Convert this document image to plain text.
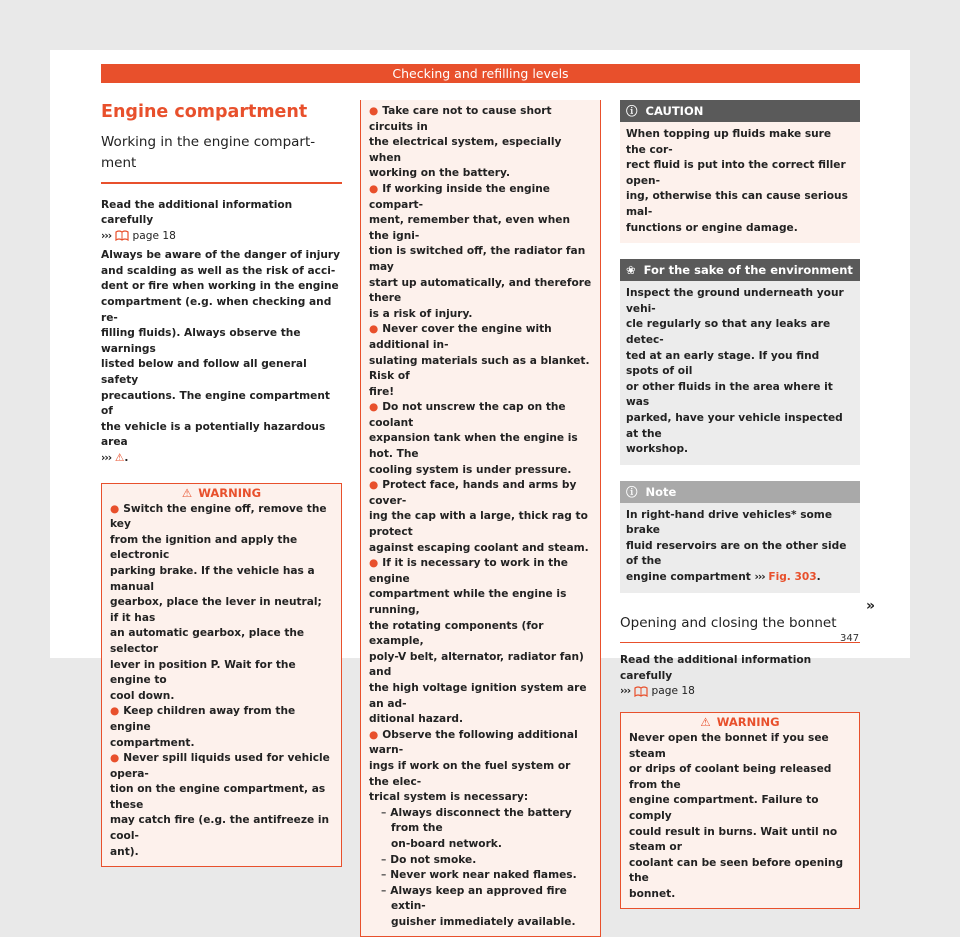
Checking and refilling levels
Engine compartment
Working in the engine compart-
ment

Read the additional information carefully

››› page 18

Always be aware of the danger of injury

and scalding as well as the risk of acci-

dent or fire when working in the engine

compartment (e.g. when checking and re-

filling fluids). Always observe the warnings

listed below and follow all general safety

precautions. The engine compartment of

the vehicle is a potentially hazardous area

››› ⚠.

⚠ WARNING
● Switch the engine off, remove the key
from the ignition and apply the electronic
parking brake. If the vehicle has a manual
gearbox, place the lever in neutral; if it has
an automatic gearbox, place the selector
lever in position P. Wait for the engine to
cool down.
● Keep children away from the engine
compartment.
● Never spill liquids used for vehicle opera-
tion on the engine compartment, as these
may catch fire (e.g. the antifreeze in cool-
ant).
● Take care not to cause short circuits in
the electrical system, especially when
working on the battery.
● If working inside the engine compart-
ment, remember that, even when the igni-
tion is switched off, the radiator fan may
start up automatically, and therefore there
is a risk of injury.
● Never cover the engine with additional in-
sulating materials such as a blanket. Risk of
fire!
● Do not unscrew the cap on the coolant
expansion tank when the engine is hot. The
cooling system is under pressure.
● Protect face, hands and arms by cover-
ing the cap with a large, thick rag to protect
against escaping coolant and steam.
● If it is necessary to work in the engine
compartment while the engine is running,
the rotating components (for example,
poly-V belt, alternator, radiator fan) and
the high voltage ignition system are an ad-
ditional hazard.
● Observe the following additional warn-
ings if work on the fuel system or the elec-
trical system is necessary:
– Always disconnect the battery from the
on-board network.
– Do not smoke.
– Never work near naked flames.
– Always keep an approved fire extin-
guisher immediately available.
ⓘ CAUTION

When topping up fluids make sure the cor-

rect fluid is put into the correct filler open-

ing, otherwise this can cause serious mal-

functions or engine damage.

❀ For the sake of the environment

Inspect the ground underneath your vehi-

cle regularly so that any leaks are detec-

ted at an early stage. If you find spots of oil

or other fluids in the area where it was

parked, have your vehicle inspected at the

workshop.

ⓘ Note

In right-hand drive vehicles* some brake

fluid reservoirs are on the other side of the

engine compartment ››› Fig. 303.

Opening and closing the bonnet

Read the additional information carefully

››› page 18

⚠ WARNING

Never open the bonnet if you see steam

or drips of coolant being released from the

engine compartment. Failure to comply

could result in burns. Wait until no steam or

coolant can be seen before opening the

bonnet.

»
347
